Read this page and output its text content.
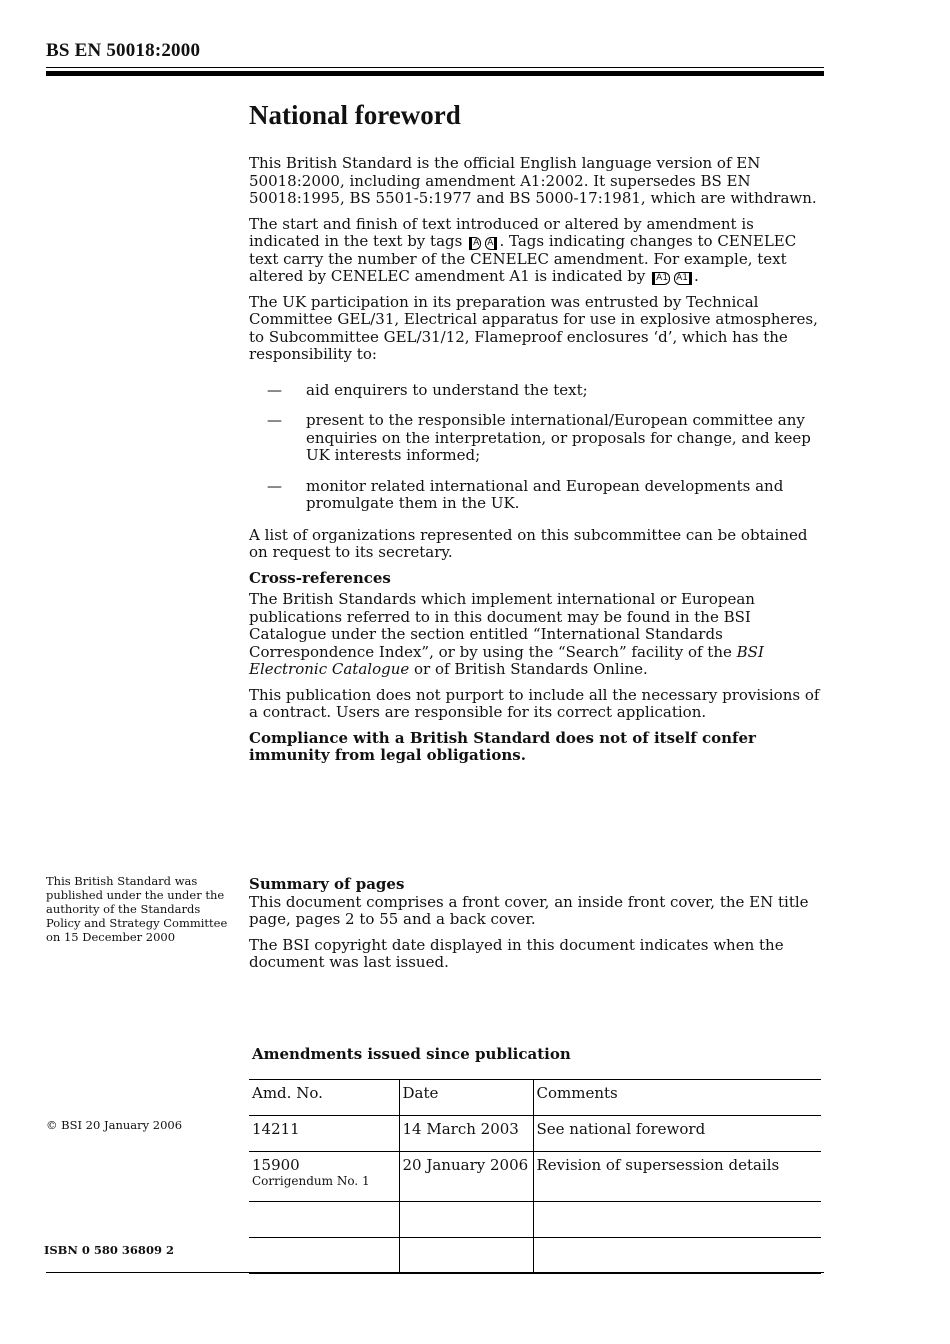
BS EN 50018:2000
National foreword

This British Standard is the official English language version of EN 50018:2000, including amendment A1:2002. It supersedes BS EN 50018:1995, BS 5501-5:1977 and BS 5000-17:1981, which are withdrawn.

The start and finish of text introduced or altered by amendment is indicated in the text by tags A A . Tags indicating changes to CENELEC text carry the number of the CENELEC amendment. For example, text altered by CENELEC amendment A1 is indicated by A1 A1 .

The UK participation in its preparation was entrusted by Technical Committee GEL/31, Electrical apparatus for use in explosive atmospheres, to Subcommittee GEL/31/12, Flameproof enclosures ‘d’, which has the responsibility to:

— aid enquirers to understand the text;
— present to the responsible international/European committee any enquiries on the interpretation, or proposals for change, and keep UK interests informed;
— monitor related international and European developments and promulgate them in the UK.

A list of organizations represented on this subcommittee can be obtained on request to its secretary.

Cross-references

The British Standards which implement international or European publications referred to in this document may be found in the BSI Catalogue under the section entitled “International Standards Correspondence Index”, or by using the “Search” facility of the BSI Electronic Catalogue or of British Standards Online.

This publication does not purport to include all the necessary provisions of a contract. Users are responsible for its correct application.

Compliance with a British Standard does not of itself confer immunity from legal obligations.

This British Standard was published under the under the authority of the Standards Policy and Strategy Committee on 15 December 2000
Summary of pages

This document comprises a front cover, an inside front cover, the EN title page, pages 2 to 55 and a back cover.

The BSI copyright date displayed in this document indicates when the document was last issued.

Amendments issued since publication
Amd. No.	Date	Comments
14211	14 March 2003	See national foreword
15900
Corrigendum No. 1	20 January 2006	Revision of supersession details

© BSI 20 January 2006
ISBN 0 580 36809 2
